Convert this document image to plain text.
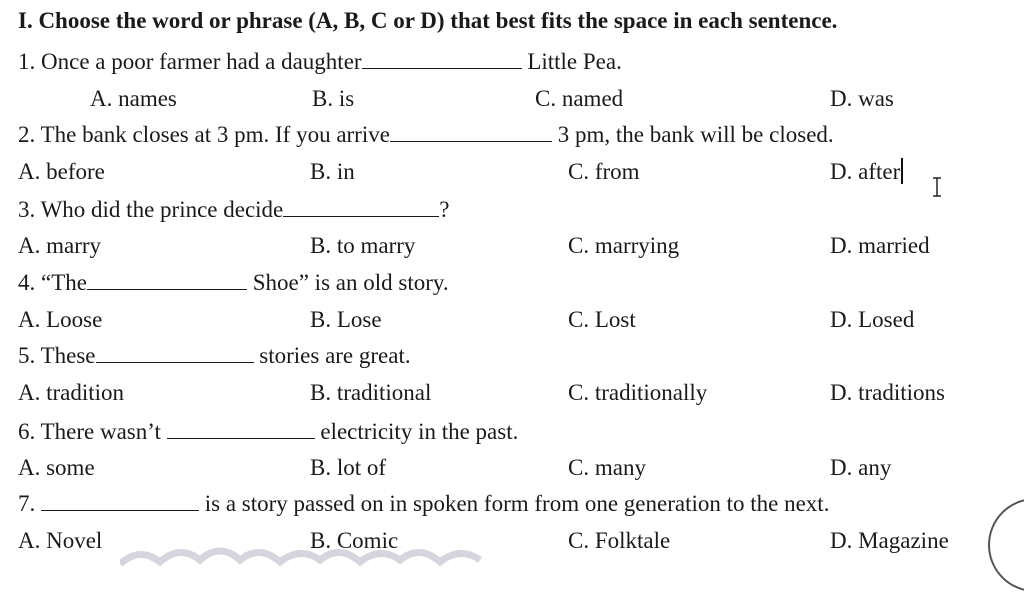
I. Choose the word or phrase (A, B, C or D) that best fits the space in each sentence.
1. Once a poor farmer had a daughter	Little Pea.
A. names	B. is	C. named	D. was
2. The bank closes at 3 pm. If you arrive	3 pm, the bank will be closed.
A. before	B. in	C. from	D. after
3. Who did the prince decide	?
A. marry	B. to marry	C. marrying	D. married
4. “The	Shoe” is an old story.
A. Loose	B. Lose	C. Lost	D. Losed
5. These	stories are great.
A. tradition	B. traditional	C. traditionally	D. traditions
6. There wasn’t	electricity in the past.
A. some	B. lot of	C. many	D. any
7.	is a story passed on in spoken form from one generation to the next.
A. Novel	B. Comic	C. Folktale	D. Magazine
